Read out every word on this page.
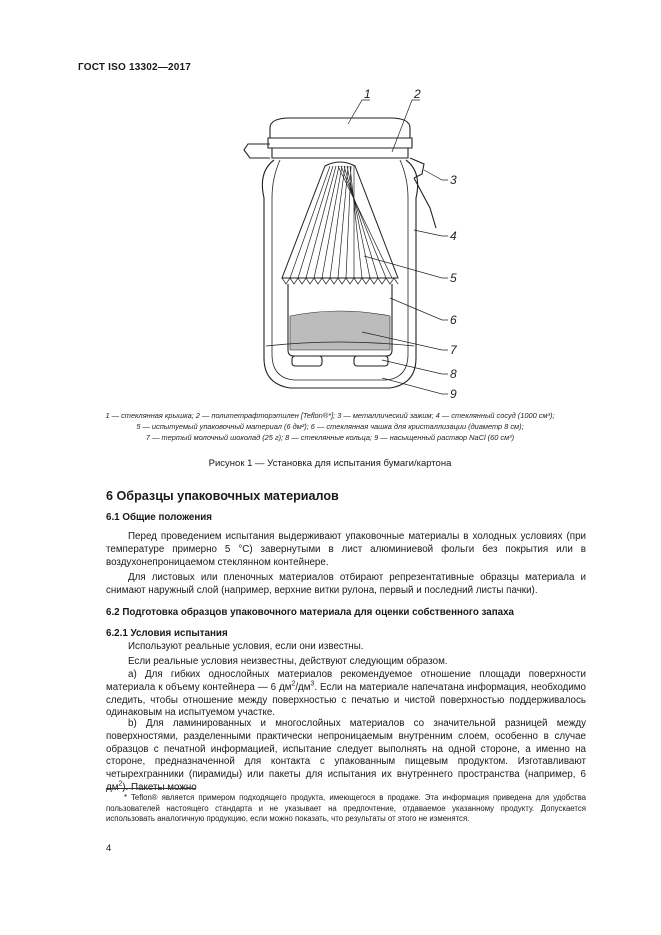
ГОСТ ISO 13302—2017
1	2
3
4
5
6
7
8
9
1 — стеклянная крышка; 2 — политетрафторэтилен [Teflon®*]; 3 — металлический зажим; 4 — стеклянный сосуд (1000 см³);
5 — испытуемый упаковочный материал (6 дм²); 6 — стеклянная чашка для кристаллизации (диаметр 8 см);
7 — тертый молочный шоколад (25 г); 8 — стеклянные кольца; 9 — насыщенный раствор NaCl (60 см³)
Рисунок 1 — Установка для испытания бумаги/картона
6 Образцы упаковочных материалов
6.1 Общие положения
Перед проведением испытания выдерживают упаковочные материалы в холодных условиях (при температуре примерно 5 °С) завернутыми в лист алюминиевой фольги без покрытия или в воздухонепроницаемом стеклянном контейнере.
Для листовых или пленочных материалов отбирают репрезентативные образцы материала и снимают наружный слой (например, верхние витки рулона, первый и последний листы пачки).
6.2 Подготовка образцов упаковочного материала для оценки собственного запаха
6.2.1 Условия испытания
Используют реальные условия, если они известны.
Если реальные условия неизвестны, действуют следующим образом.
а) Для гибких однослойных материалов рекомендуемое отношение площади поверхности материала к объему контейнера — 6 $дм^2/дм^3$. Если на материале напечатана информация, необходимо следить, чтобы отношение между поверхностью с печатью и чистой поверхностью поддерживалось одинаковым на испытуемом участке.
b) Для ламинированных и многослойных материалов со значительной разницей между поверхностями, разделенными практически непроницаемым внутренним слоем, особенно в случае образцов с печатной информацией, испытание следует выполнять на одной стороне, а именно на стороне, предназначенной для контакта с упакованным пищевым продуктом. Изготавливают четырехгранники (пирамиды) или пакеты для испытания их внутреннего пространства (например, 6 $дм^2$). Пакеты можно
* Teflon® является примером подходящего продукта, имеющегося в продаже. Эта информация приведена для удобства пользователей настоящего стандарта и не указывает на предпочтение, отдаваемое указанному продукту. Допускается использовать аналогичную продукцию, если можно показать, что результаты от этого не изменятся.
4
